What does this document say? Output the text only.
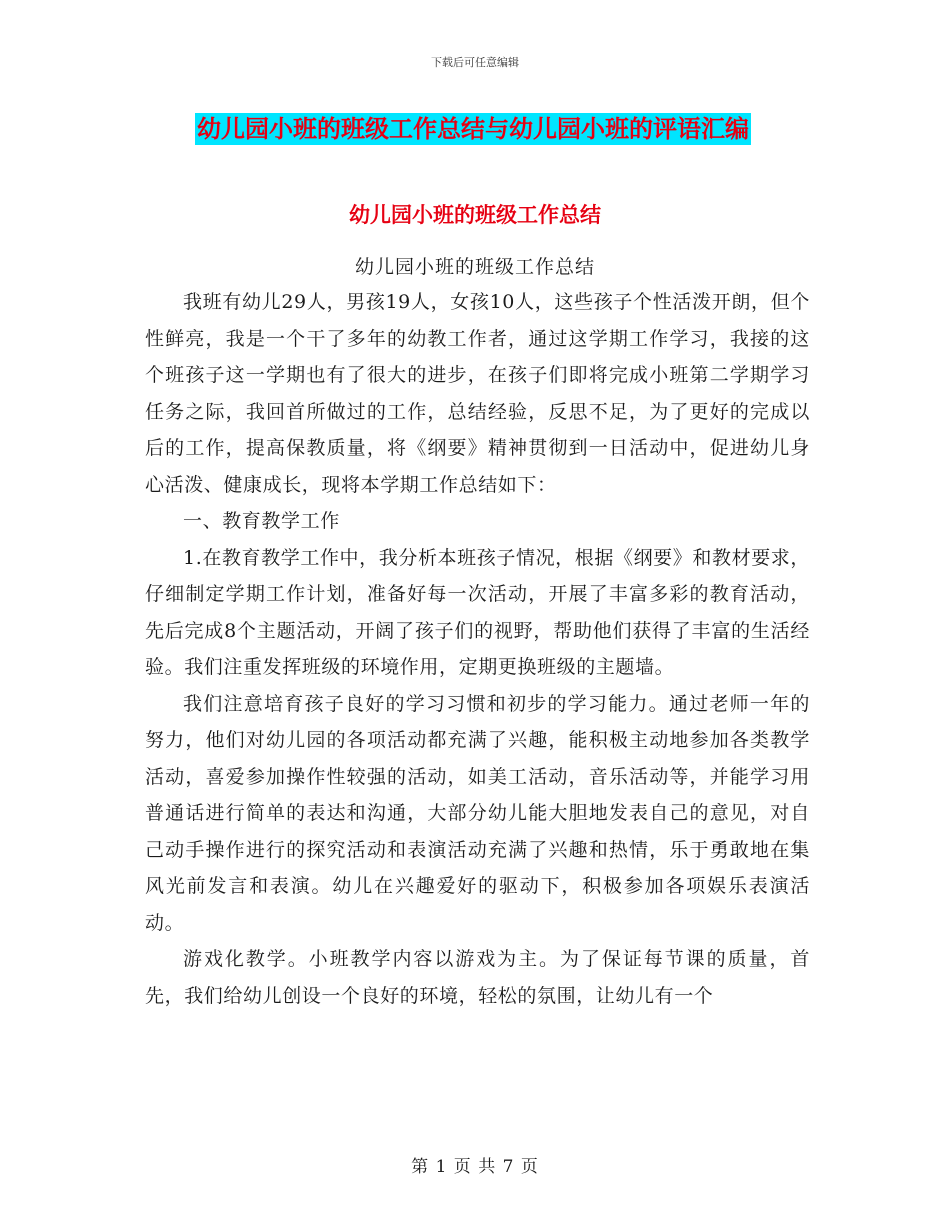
下载后可任意编辑
幼儿园小班的班级工作总结与幼儿园小班的评语汇编
幼儿园小班的班级工作总结
幼儿园小班的班级工作总结

我班有幼儿29人，男孩19人，女孩10人，这些孩子个性活泼开朗，但个性鲜亮，我是一个干了多年的幼教工作者，通过这学期工作学习，我接的这个班孩子这一学期也有了很大的进步，在孩子们即将完成小班第二学期学习任务之际，我回首所做过的工作，总结经验，反思不足，为了更好的完成以后的工作，提高保教质量，将《纲要》精神贯彻到一日活动中，促进幼儿身心活泼、健康成长，现将本学期工作总结如下：

一、教育教学工作

1.在教育教学工作中，我分析本班孩子情况，根据《纲要》和教材要求，仔细制定学期工作计划，准备好每一次活动，开展了丰富多彩的教育活动，先后完成8个主题活动，开阔了孩子们的视野，帮助他们获得了丰富的生活经验。我们注重发挥班级的环境作用，定期更换班级的主题墙。

我们注意培育孩子良好的学习习惯和初步的学习能力。通过老师一年的努力，他们对幼儿园的各项活动都充满了兴趣，能积极主动地参加各类教学活动，喜爱参加操作性较强的活动，如美工活动，音乐活动等，并能学习用普通话进行简单的表达和沟通，大部分幼儿能大胆地发表自己的意见，对自己动手操作进行的探究活动和表演活动充满了兴趣和热情，乐于勇敢地在集风光前发言和表演。幼儿在兴趣爱好的驱动下，积极参加各项娱乐表演活动。

游戏化教学。小班教学内容以游戏为主。为了保证每节课的质量，首先，我们给幼儿创设一个良好的环境，轻松的氛围，让幼儿有一个

第 1 页 共 7 页
